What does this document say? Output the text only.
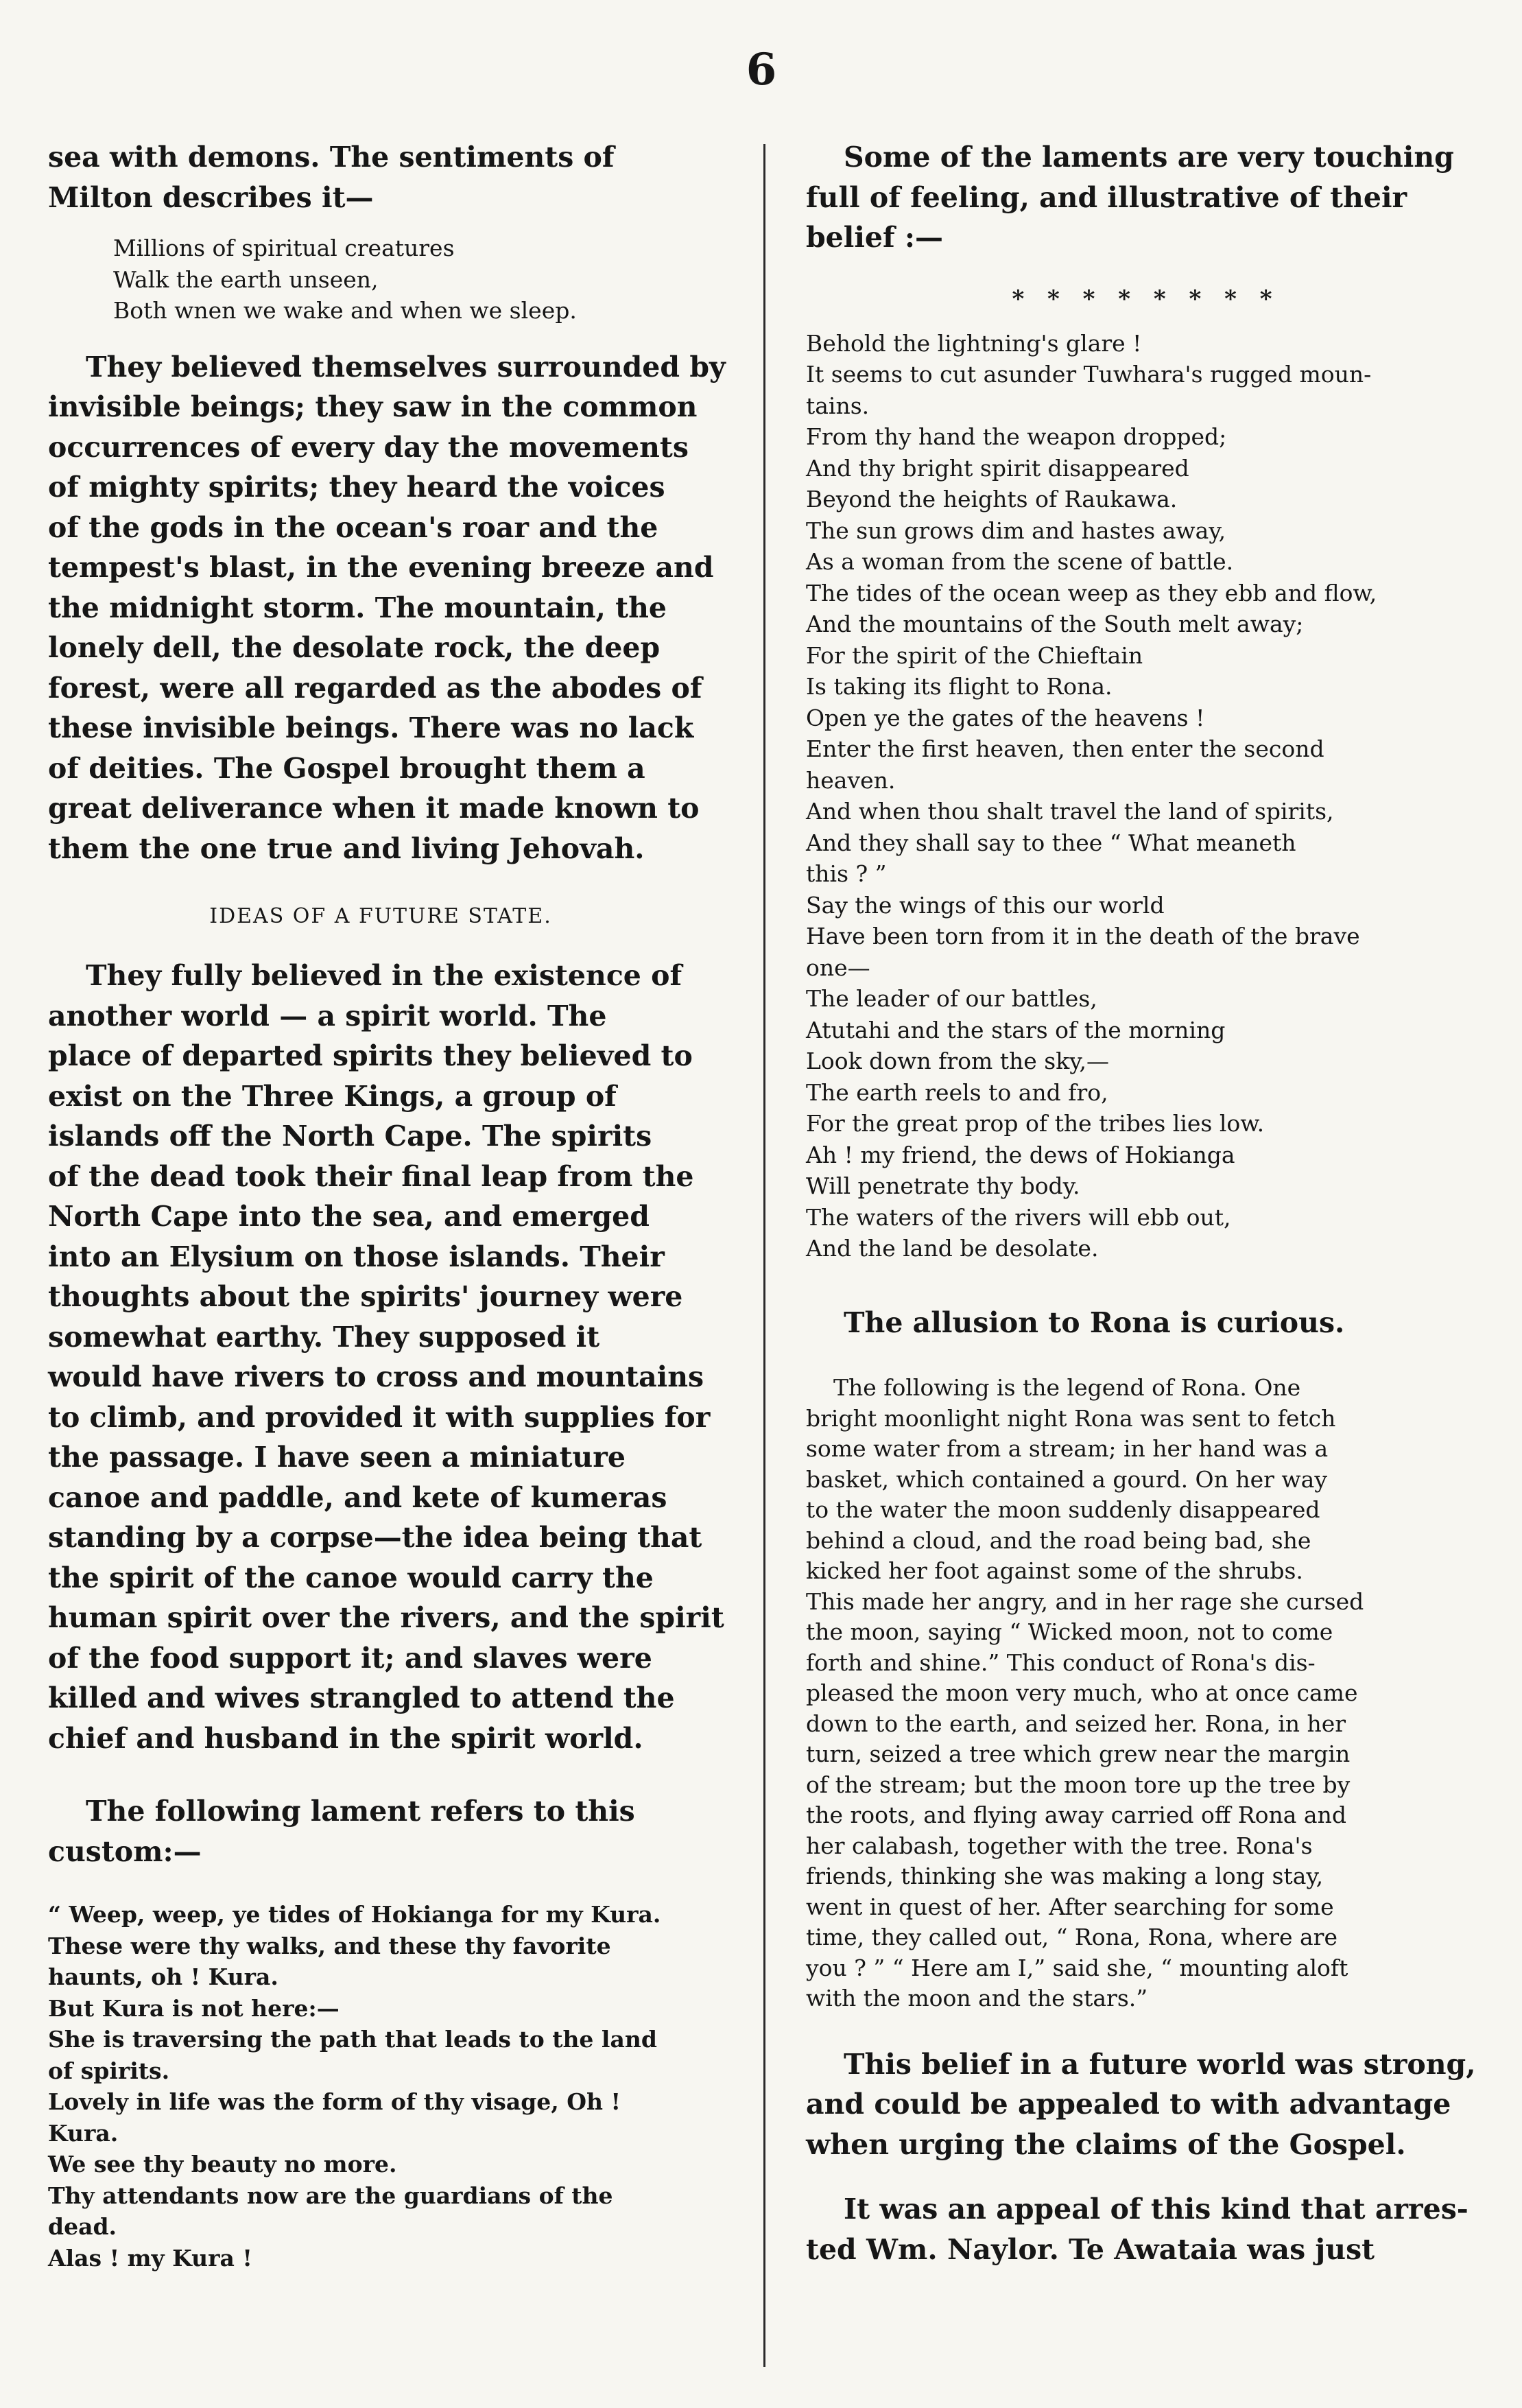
6

sea with demons. The sentiments of
Milton describes it—

Millions of spiritual creatures
Walk the earth unseen,
Both wnen we wake and when we sleep.

They believed themselves surrounded by
invisible beings; they saw in the common
occurrences of every day the movements
of mighty spirits; they heard the voices
of the gods in the ocean's roar and the
tempest's blast, in the evening breeze and
the midnight storm. The mountain, the
lonely dell, the desolate rock, the deep
forest, were all regarded as the abodes of
these invisible beings. There was no lack
of deities. The Gospel brought them a
great deliverance when it made known to
them the one true and living Jehovah.

IDEAS OF A FUTURE STATE.

They fully believed in the existence of
another world — a spirit world. The
place of departed spirits they believed to
exist on the Three Kings, a group of
islands off the North Cape. The spirits
of the dead took their final leap from the
North Cape into the sea, and emerged
into an Elysium on those islands. Their
thoughts about the spirits' journey were
somewhat earthy. They supposed it
would have rivers to cross and mountains
to climb, and provided it with supplies for
the passage. I have seen a miniature
canoe and paddle, and kete of kumeras
standing by a corpse—the idea being that
the spirit of the canoe would carry the
human spirit over the rivers, and the spirit
of the food support it; and slaves were
killed and wives strangled to attend the
chief and husband in the spirit world.

The following lament refers to this
custom:—

“ Weep, weep, ye tides of Hokianga for my Kura.
These were thy walks, and these thy favorite
haunts, oh ! Kura.
But Kura is not here:—
She is traversing the path that leads to the land
of spirits.
Lovely in life was the form of thy visage, Oh !
Kura.
We see thy beauty no more.
Thy attendants now are the guardians of the
dead.
Alas ! my Kura !

Some of the laments are very touching
full of feeling, and illustrative of their
belief :—

* * * * * * * *

Behold the lightning's glare !
It seems to cut asunder Tuwhara's rugged moun-
tains.
From thy hand the weapon dropped;
And thy bright spirit disappeared
Beyond the heights of Raukawa.
The sun grows dim and hastes away,
As a woman from the scene of battle.
The tides of the ocean weep as they ebb and flow,
And the mountains of the South melt away;
For the spirit of the Chieftain
Is taking its flight to Rona.
Open ye the gates of the heavens !
Enter the first heaven, then enter the second
heaven.
And when thou shalt travel the land of spirits,
And they shall say to thee “ What meaneth
this ? ”
Say the wings of this our world
Have been torn from it in the death of the brave
one—
The leader of our battles,
Atutahi and the stars of the morning
Look down from the sky,—
The earth reels to and fro,
For the great prop of the tribes lies low.
Ah ! my friend, the dews of Hokianga
Will penetrate thy body.
The waters of the rivers will ebb out,
And the land be desolate.

The allusion to Rona is curious.

The following is the legend of Rona. One
bright moonlight night Rona was sent to fetch
some water from a stream; in her hand was a
basket, which contained a gourd. On her way
to the water the moon suddenly disappeared
behind a cloud, and the road being bad, she
kicked her foot against some of the shrubs.
This made her angry, and in her rage she cursed
the moon, saying “ Wicked moon, not to come
forth and shine.” This conduct of Rona's dis-
pleased the moon very much, who at once came
down to the earth, and seized her. Rona, in her
turn, seized a tree which grew near the margin
of the stream; but the moon tore up the tree by
the roots, and flying away carried off Rona and
her calabash, together with the tree. Rona's
friends, thinking she was making a long stay,
went in quest of her. After searching for some
time, they called out, “ Rona, Rona, where are
you ? ” “ Here am I,” said she, “ mounting aloft
with the moon and the stars.”

This belief in a future world was strong,
and could be appealed to with advantage
when urging the claims of the Gospel.

It was an appeal of this kind that arres-
ted Wm. Naylor. Te Awataia was just
